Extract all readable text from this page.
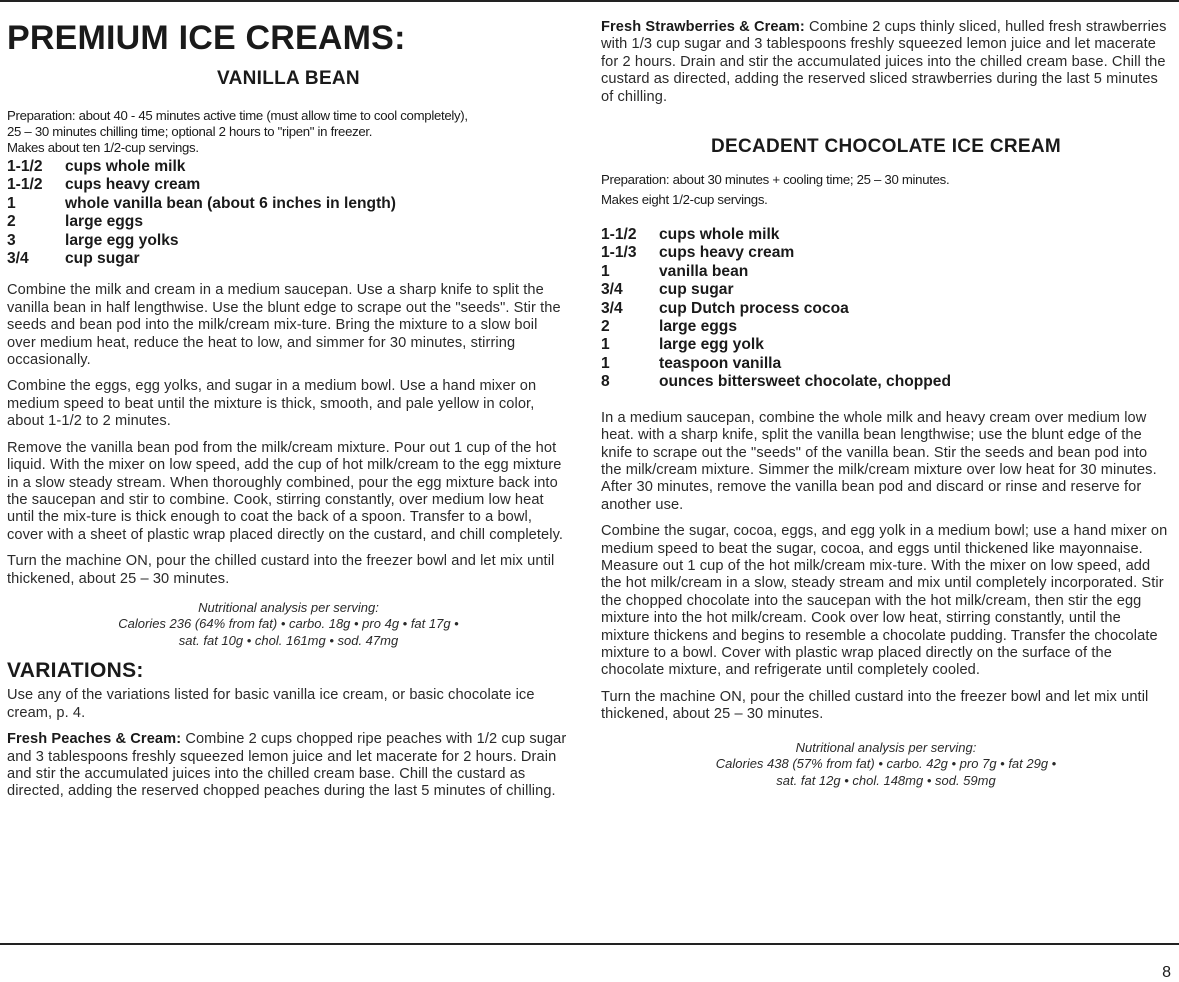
PREMIUM ICE CREAMS:
VANILLA BEAN

Preparation: about 40 - 45 minutes active time (must allow time to cool completely),

25 – 30 minutes chilling time; optional 2 hours to "ripen" in freezer.

Makes about ten 1/2-cup servings.

1-1/2	cups whole milk
1-1/2	cups heavy cream
1	whole vanilla bean (about 6 inches in length)
2	large eggs
3	large egg yolks
3/4	cup sugar

Combine the milk and cream in a medium saucepan. Use a sharp knife to split the vanilla bean in half lengthwise. Use the blunt edge to scrape out the "seeds". Stir the seeds and bean pod into the milk/cream mix-ture. Bring the mixture to a slow boil over medium heat, reduce the heat to low, and simmer for 30 minutes, stirring occasionally.

Combine the eggs, egg yolks, and sugar in a medium bowl. Use a hand mixer on medium speed to beat until the mixture is thick, smooth, and pale yellow in color, about 1-1/2 to 2 minutes.

Remove the vanilla bean pod from the milk/cream mixture. Pour out 1 cup of the hot liquid. With the mixer on low speed, add the cup of hot milk/cream to the egg mixture in a slow steady stream. When thoroughly combined, pour the egg mixture back into the saucepan and stir to combine. Cook, stirring constantly, over medium low heat until the mix-ture is thick enough to coat the back of a spoon. Transfer to a bowl, cover with a sheet of plastic wrap placed directly on the custard, and chill completely.

Turn the machine ON, pour the chilled custard into the freezer bowl and let mix until thickened, about 25 – 30 minutes.

Nutritional analysis per serving:
Calories 236 (64% from fat) • carbo. 18g • pro 4g • fat 17g •
sat. fat 10g • chol. 161mg • sod. 47mg
VARIATIONS:

Use any of the variations listed for basic vanilla ice cream, or basic chocolate ice cream, p. 4.

Fresh Peaches & Cream: Combine 2 cups chopped ripe peaches with 1/2 cup sugar and 3 tablespoons freshly squeezed lemon juice and let macerate for 2 hours. Drain and stir the accumulated juices into the chilled cream base. Chill the custard as directed, adding the reserved chopped peaches during the last 5 minutes of chilling.

Fresh Strawberries & Cream: Combine 2 cups thinly sliced, hulled fresh strawberries with 1/3 cup sugar and 3 tablespoons freshly squeezed lemon juice and let macerate for 2 hours. Drain and stir the accumulated juices into the chilled cream base. Chill the custard as directed, adding the reserved sliced strawberries during the last 5 minutes of chilling.

DECADENT CHOCOLATE ICE CREAM

Preparation: about 30 minutes + cooling time; 25 – 30 minutes.

Makes eight 1/2-cup servings.

1-1/2	cups whole milk
1-1/3	cups heavy cream
1	vanilla bean
3/4	cup sugar
3/4	cup Dutch process cocoa
2	large eggs
1	large egg yolk
1	teaspoon vanilla
8	ounces bittersweet chocolate, chopped

In a medium saucepan, combine the whole milk and heavy cream over medium low heat. with a sharp knife, split the vanilla bean lengthwise; use the blunt edge of the knife to scrape out the "seeds" of the vanilla bean. Stir the seeds and bean pod into the milk/cream mixture. Simmer the milk/cream mixture over low heat for 30 minutes. After 30 minutes, remove the vanilla bean pod and discard or rinse and reserve for another use.

Combine the sugar, cocoa, eggs, and egg yolk in a medium bowl; use a hand mixer on medium speed to beat the sugar, cocoa, and eggs until thickened like mayonnaise. Measure out 1 cup of the hot milk/cream mix-ture. With the mixer on low speed, add the hot milk/cream in a slow, steady stream and mix until completely incorporated. Stir the chopped chocolate into the saucepan with the hot milk/cream, then stir the egg mixture into the hot milk/cream. Cook over low heat, stirring constantly, until the mixture thickens and begins to resemble a chocolate pudding. Transfer the chocolate mixture to a bowl. Cover with plastic wrap placed directly on the surface of the chocolate mixture, and refrigerate until completely cooled.

Turn the machine ON, pour the chilled custard into the freezer bowl and let mix until thickened, about 25 – 30 minutes.

Nutritional analysis per serving:
Calories 438 (57% from fat) • carbo. 42g • pro 7g • fat 29g •
sat. fat 12g • chol. 148mg • sod. 59mg
8
